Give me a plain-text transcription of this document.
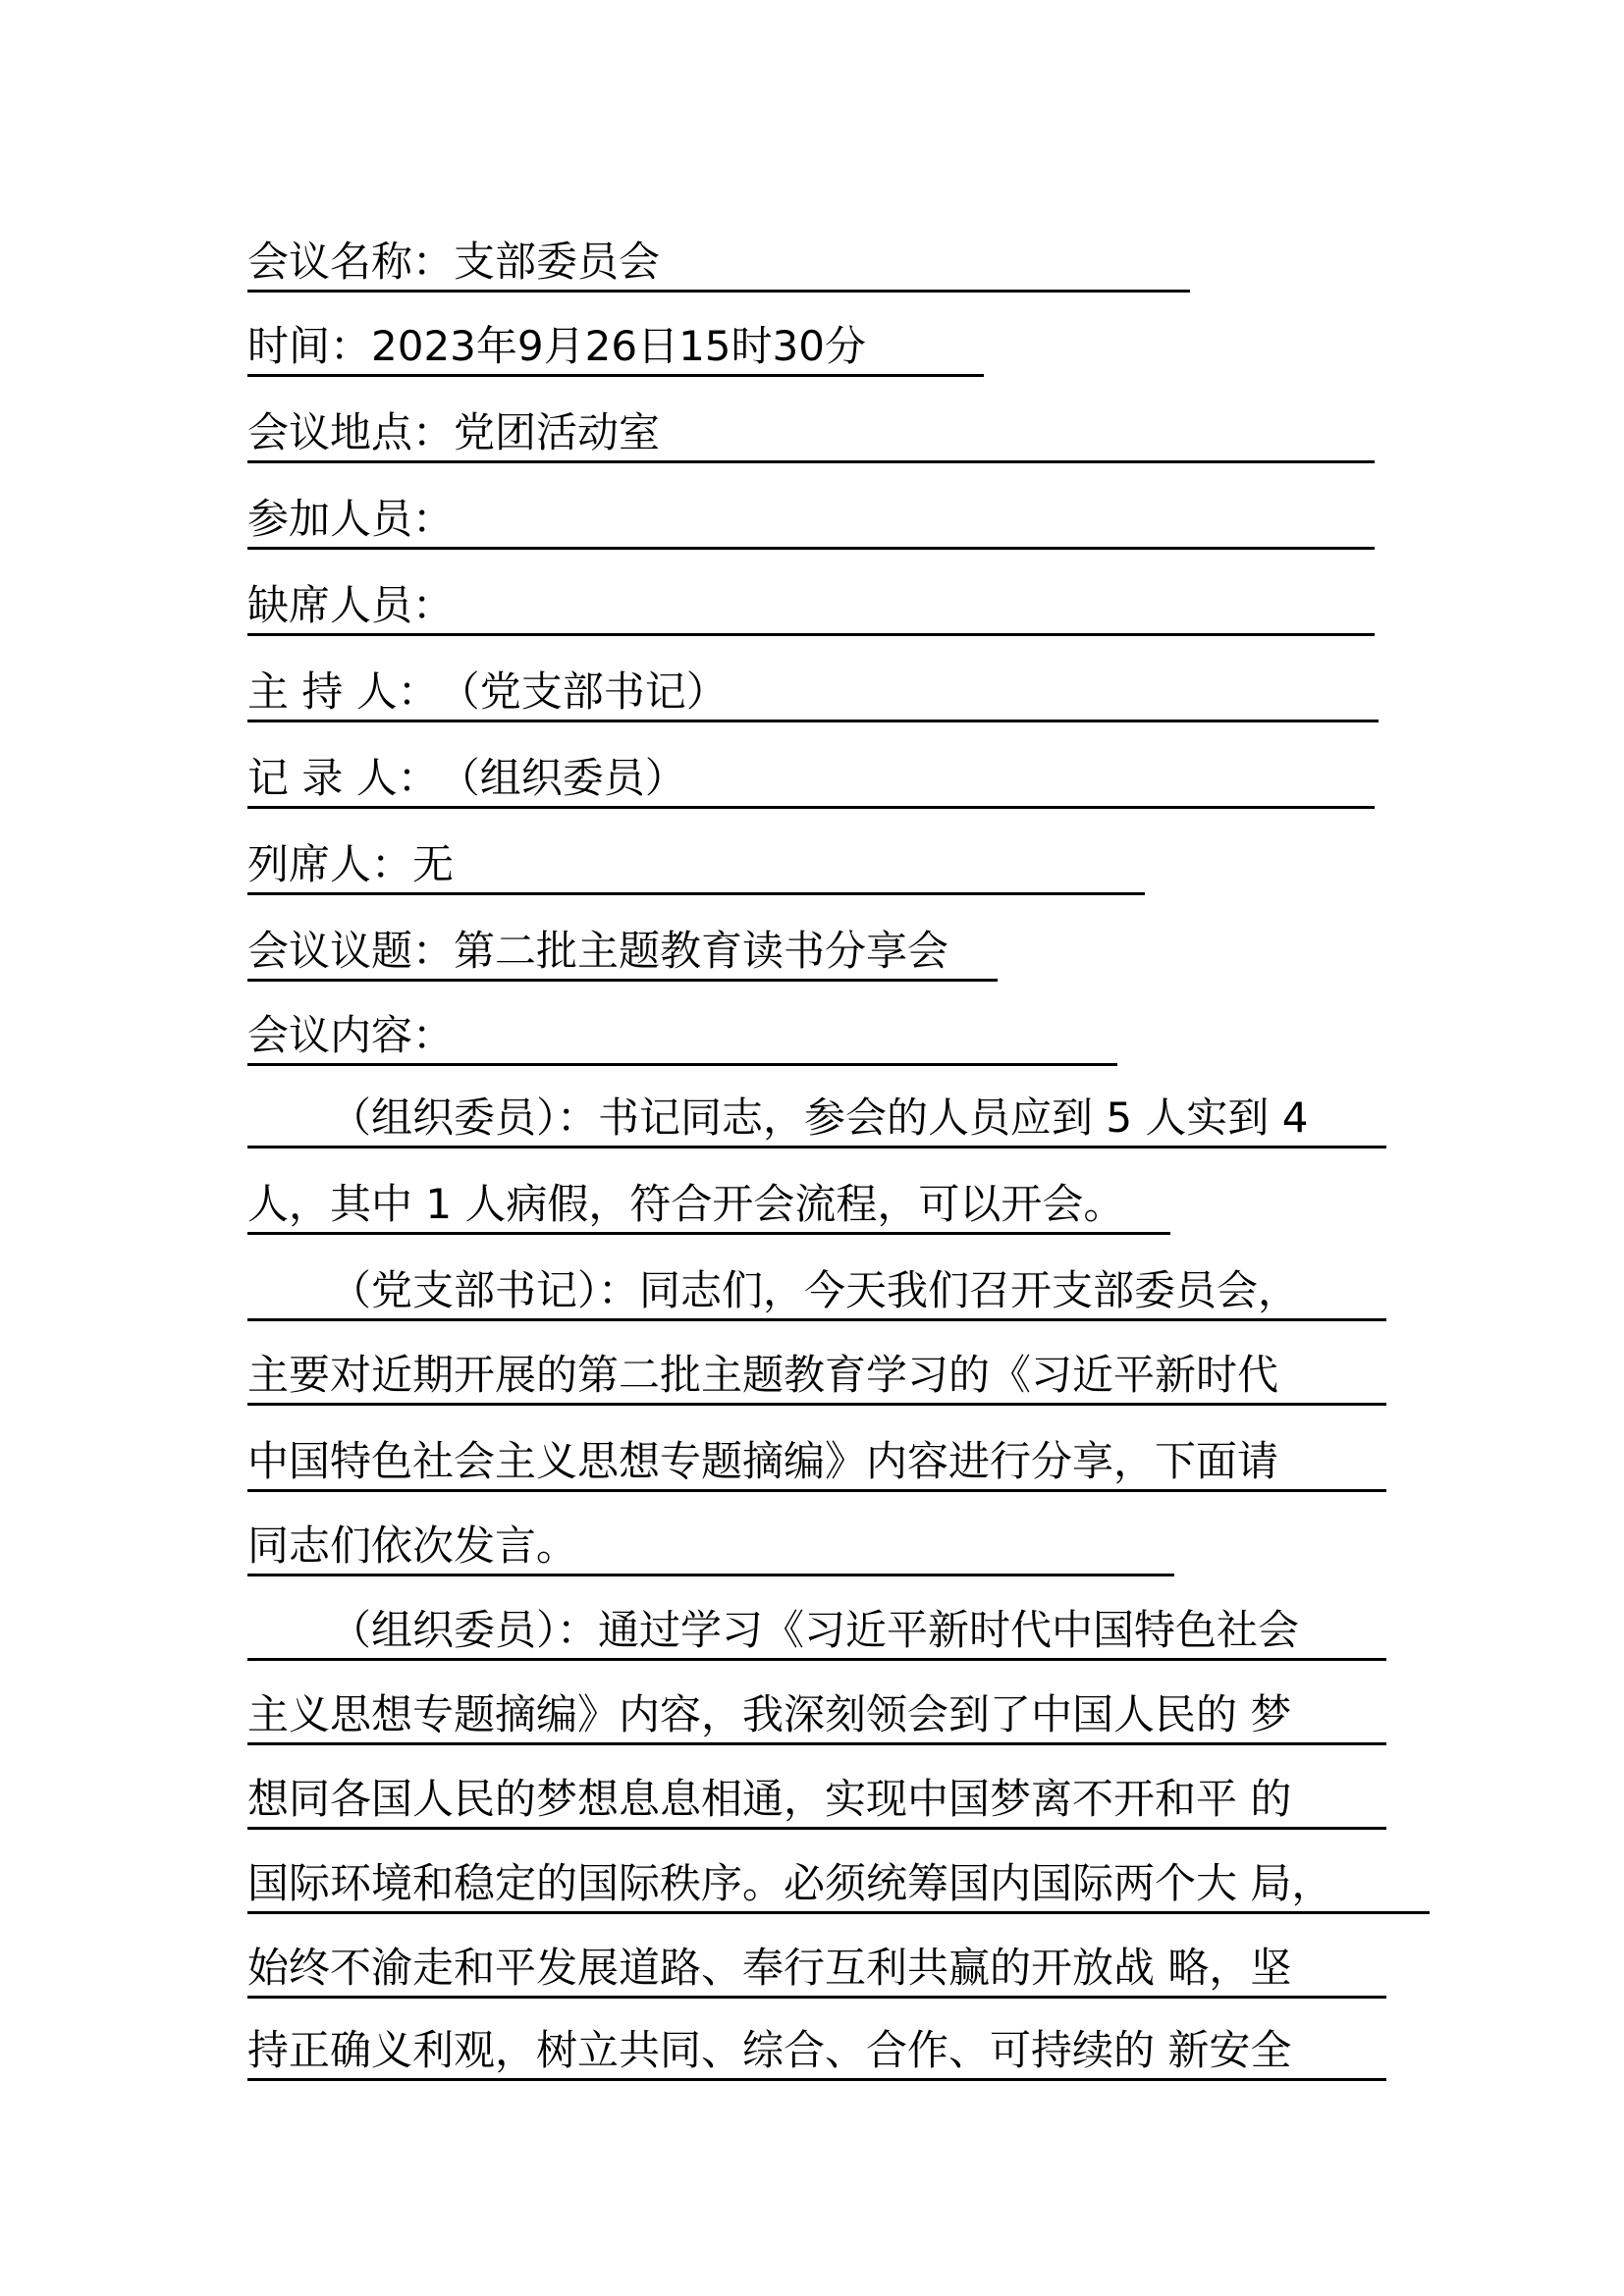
会议名称：支部委员会
时间：2023年9月26日15时30分
会议地点：党团活动室
参加人员：
缺席人员：
主 持 人：（党支部书记）
记 录 人：（组织委员）
列席人：无
会议议题：第二批主题教育读书分享会
会议内容：
（组织委员）：书记同志，参会的人员应到 5 人实到 4
人，其中 1 人病假，符合开会流程，可以开会。
（党支部书记）：同志们，今天我们召开支部委员会，
主要对近期开展的第二批主题教育学习的《习近平新时代
中国特色社会主义思想专题摘编》内容进行分享，下面请
同志们依次发言。
（组织委员）：通过学习《习近平新时代中国特色社会
主义思想专题摘编》内容，我深刻领会到了中国人民的 梦
想同各国人民的梦想息息相通，实现中国梦离不开和平 的
国际环境和稳定的国际秩序。必须统筹国内国际两个大 局，
始终不渝走和平发展道路、奉行互利共赢的开放战 略，坚
持正确义利观，树立共同、综合、合作、可持续的 新安全
